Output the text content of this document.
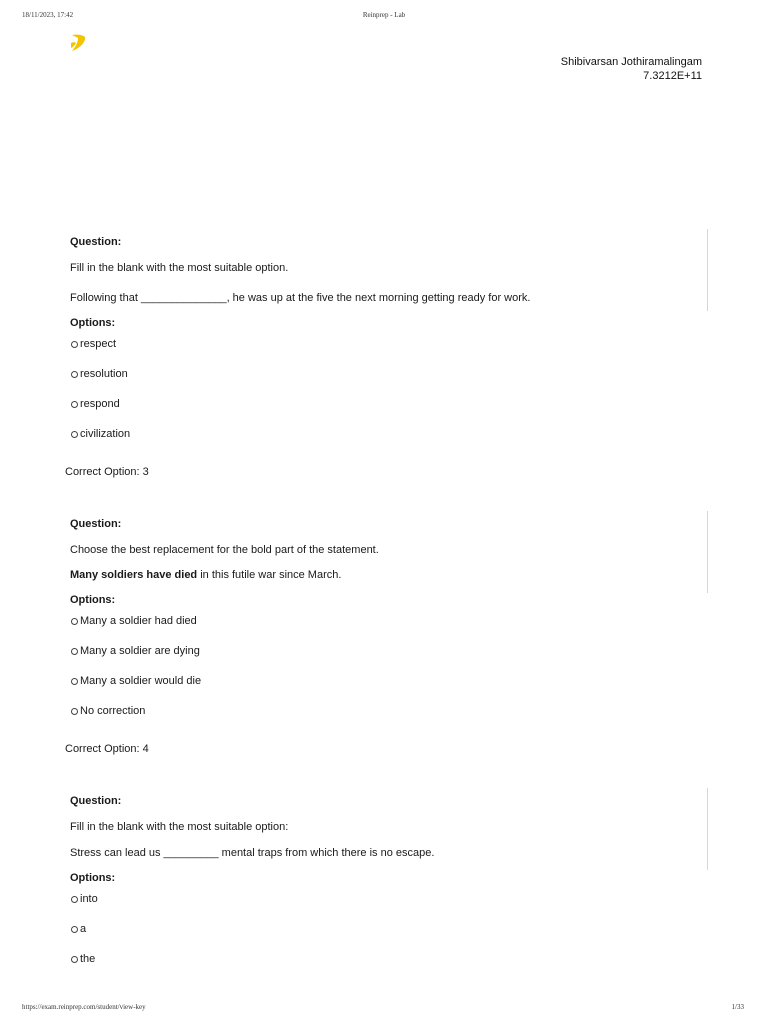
18/11/2023, 17:42	Reinprep - Lab
Shibivarsan Jothiramalingam
7.3212E+11
Question:
Fill in the blank with the most suitable option.
Following that ______________, he was up at the five the next morning getting ready for work.
Options:
respect
resolution
respond
civilization
Correct Option: 3
Question:
Choose the best replacement for the bold part of the statement.
Many soldiers have died in this futile war since March.
Options:
Many a soldier had died
Many a soldier are dying
Many a soldier would die
No correction
Correct Option: 4
Question:
Fill in the blank with the most suitable option:
Stress can lead us _________ mental traps from which there is no escape.
Options:
into
a
the
https://exam.reinprep.com/student/view-key	1/33
